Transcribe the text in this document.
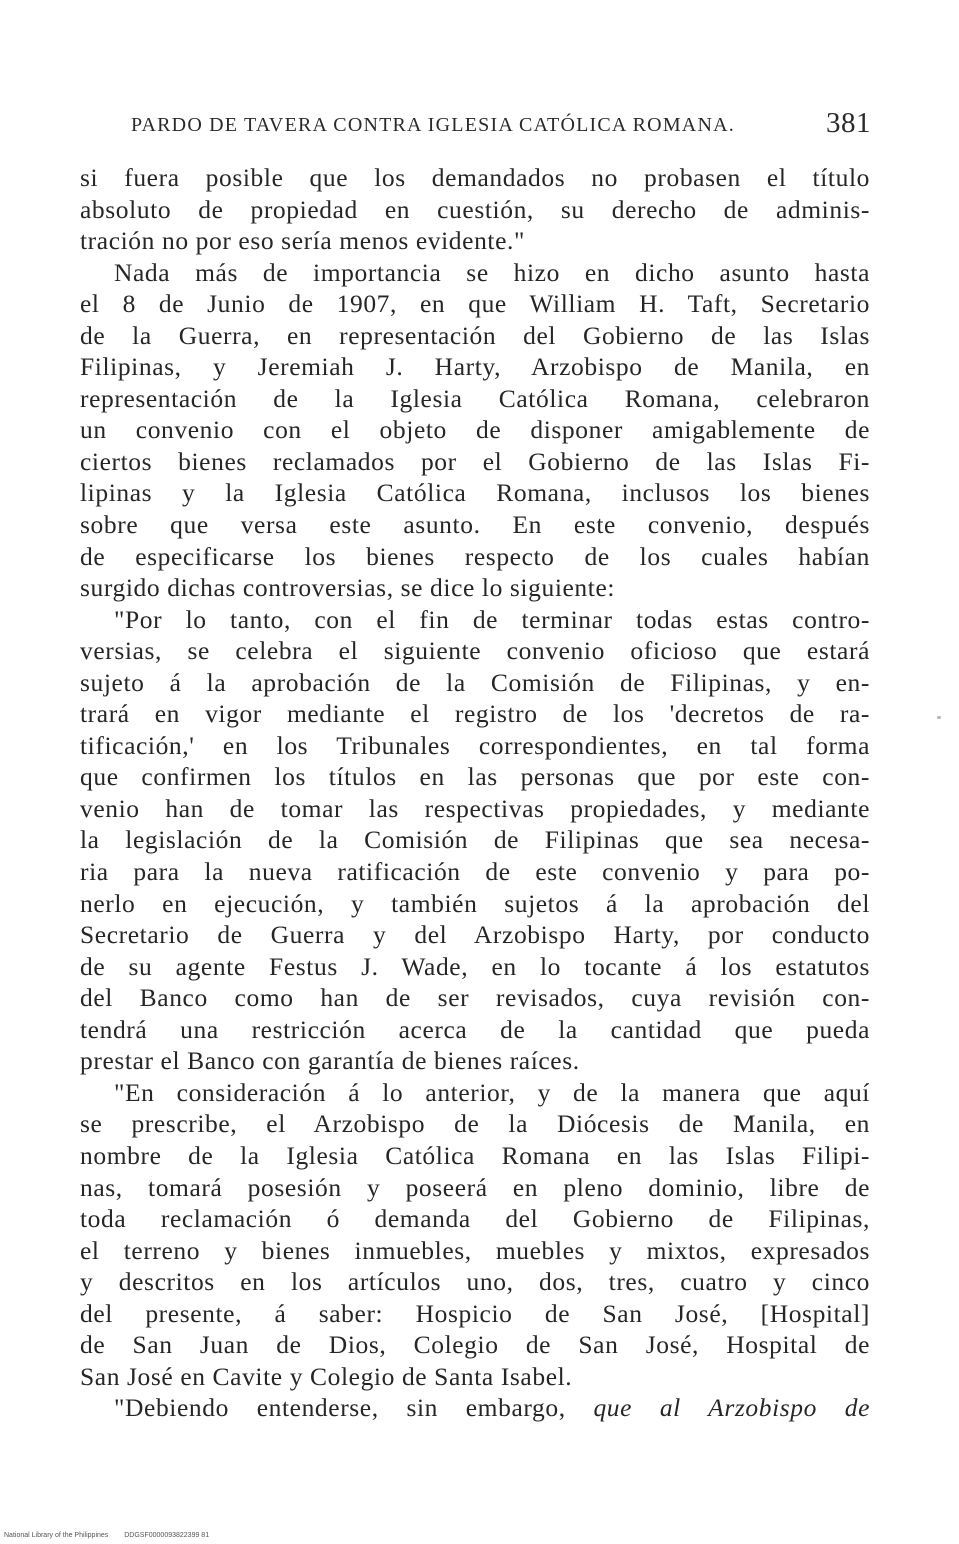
PARDO DE TAVERA CONTRA IGLESIA CATÓLICA ROMANA.	381
si fuera posible que los demandados no probasen el título
absoluto de propiedad en cuestión, su derecho de adminis-
tración no por eso sería menos evidente."
Nada más de importancia se hizo en dicho asunto hasta
el 8 de Junio de 1907, en que William H. Taft, Secretario
de la Guerra, en representación del Gobierno de las Islas
Filipinas, y Jeremiah J. Harty, Arzobispo de Manila, en
representación de la Iglesia Católica Romana, celebraron
un convenio con el objeto de disponer amigablemente de
ciertos bienes reclamados por el Gobierno de las Islas Fi-
lipinas y la Iglesia Católica Romana, inclusos los bienes
sobre que versa este asunto. En este convenio, después
de especificarse los bienes respecto de los cuales habían
surgido dichas controversias, se dice lo siguiente:
"Por lo tanto, con el fin de terminar todas estas contro-
versias, se celebra el siguiente convenio oficioso que estará
sujeto á la aprobación de la Comisión de Filipinas, y en-
trará en vigor mediante el registro de los 'decretos de ra-
tificación,' en los Tribunales correspondientes, en tal forma
que confirmen los títulos en las personas que por este con-
venio han de tomar las respectivas propiedades, y mediante
la legislación de la Comisión de Filipinas que sea necesa-
ria para la nueva ratificación de este convenio y para po-
nerlo en ejecución, y también sujetos á la aprobación del
Secretario de Guerra y del Arzobispo Harty, por conducto
de su agente Festus J. Wade, en lo tocante á los estatutos
del Banco como han de ser revisados, cuya revisión con-
tendrá una restricción acerca de la cantidad que pueda
prestar el Banco con garantía de bienes raíces.
"En consideración á lo anterior, y de la manera que aquí
se prescribe, el Arzobispo de la Diócesis de Manila, en
nombre de la Iglesia Católica Romana en las Islas Filipi-
nas, tomará posesión y poseerá en pleno dominio, libre de
toda reclamación ó demanda del Gobierno de Filipinas,
el terreno y bienes inmuebles, muebles y mixtos, expresados
y descritos en los artículos uno, dos, tres, cuatro y cinco
del presente, á saber: Hospicio de San José, [Hospital]
de San Juan de Dios, Colegio de San José, Hospital de
San José en Cavite y Colegio de Santa Isabel.
"Debiendo entenderse, sin embargo, que al Arzobispo de
National Library of the Philippines DDGSF0000093822399 81
